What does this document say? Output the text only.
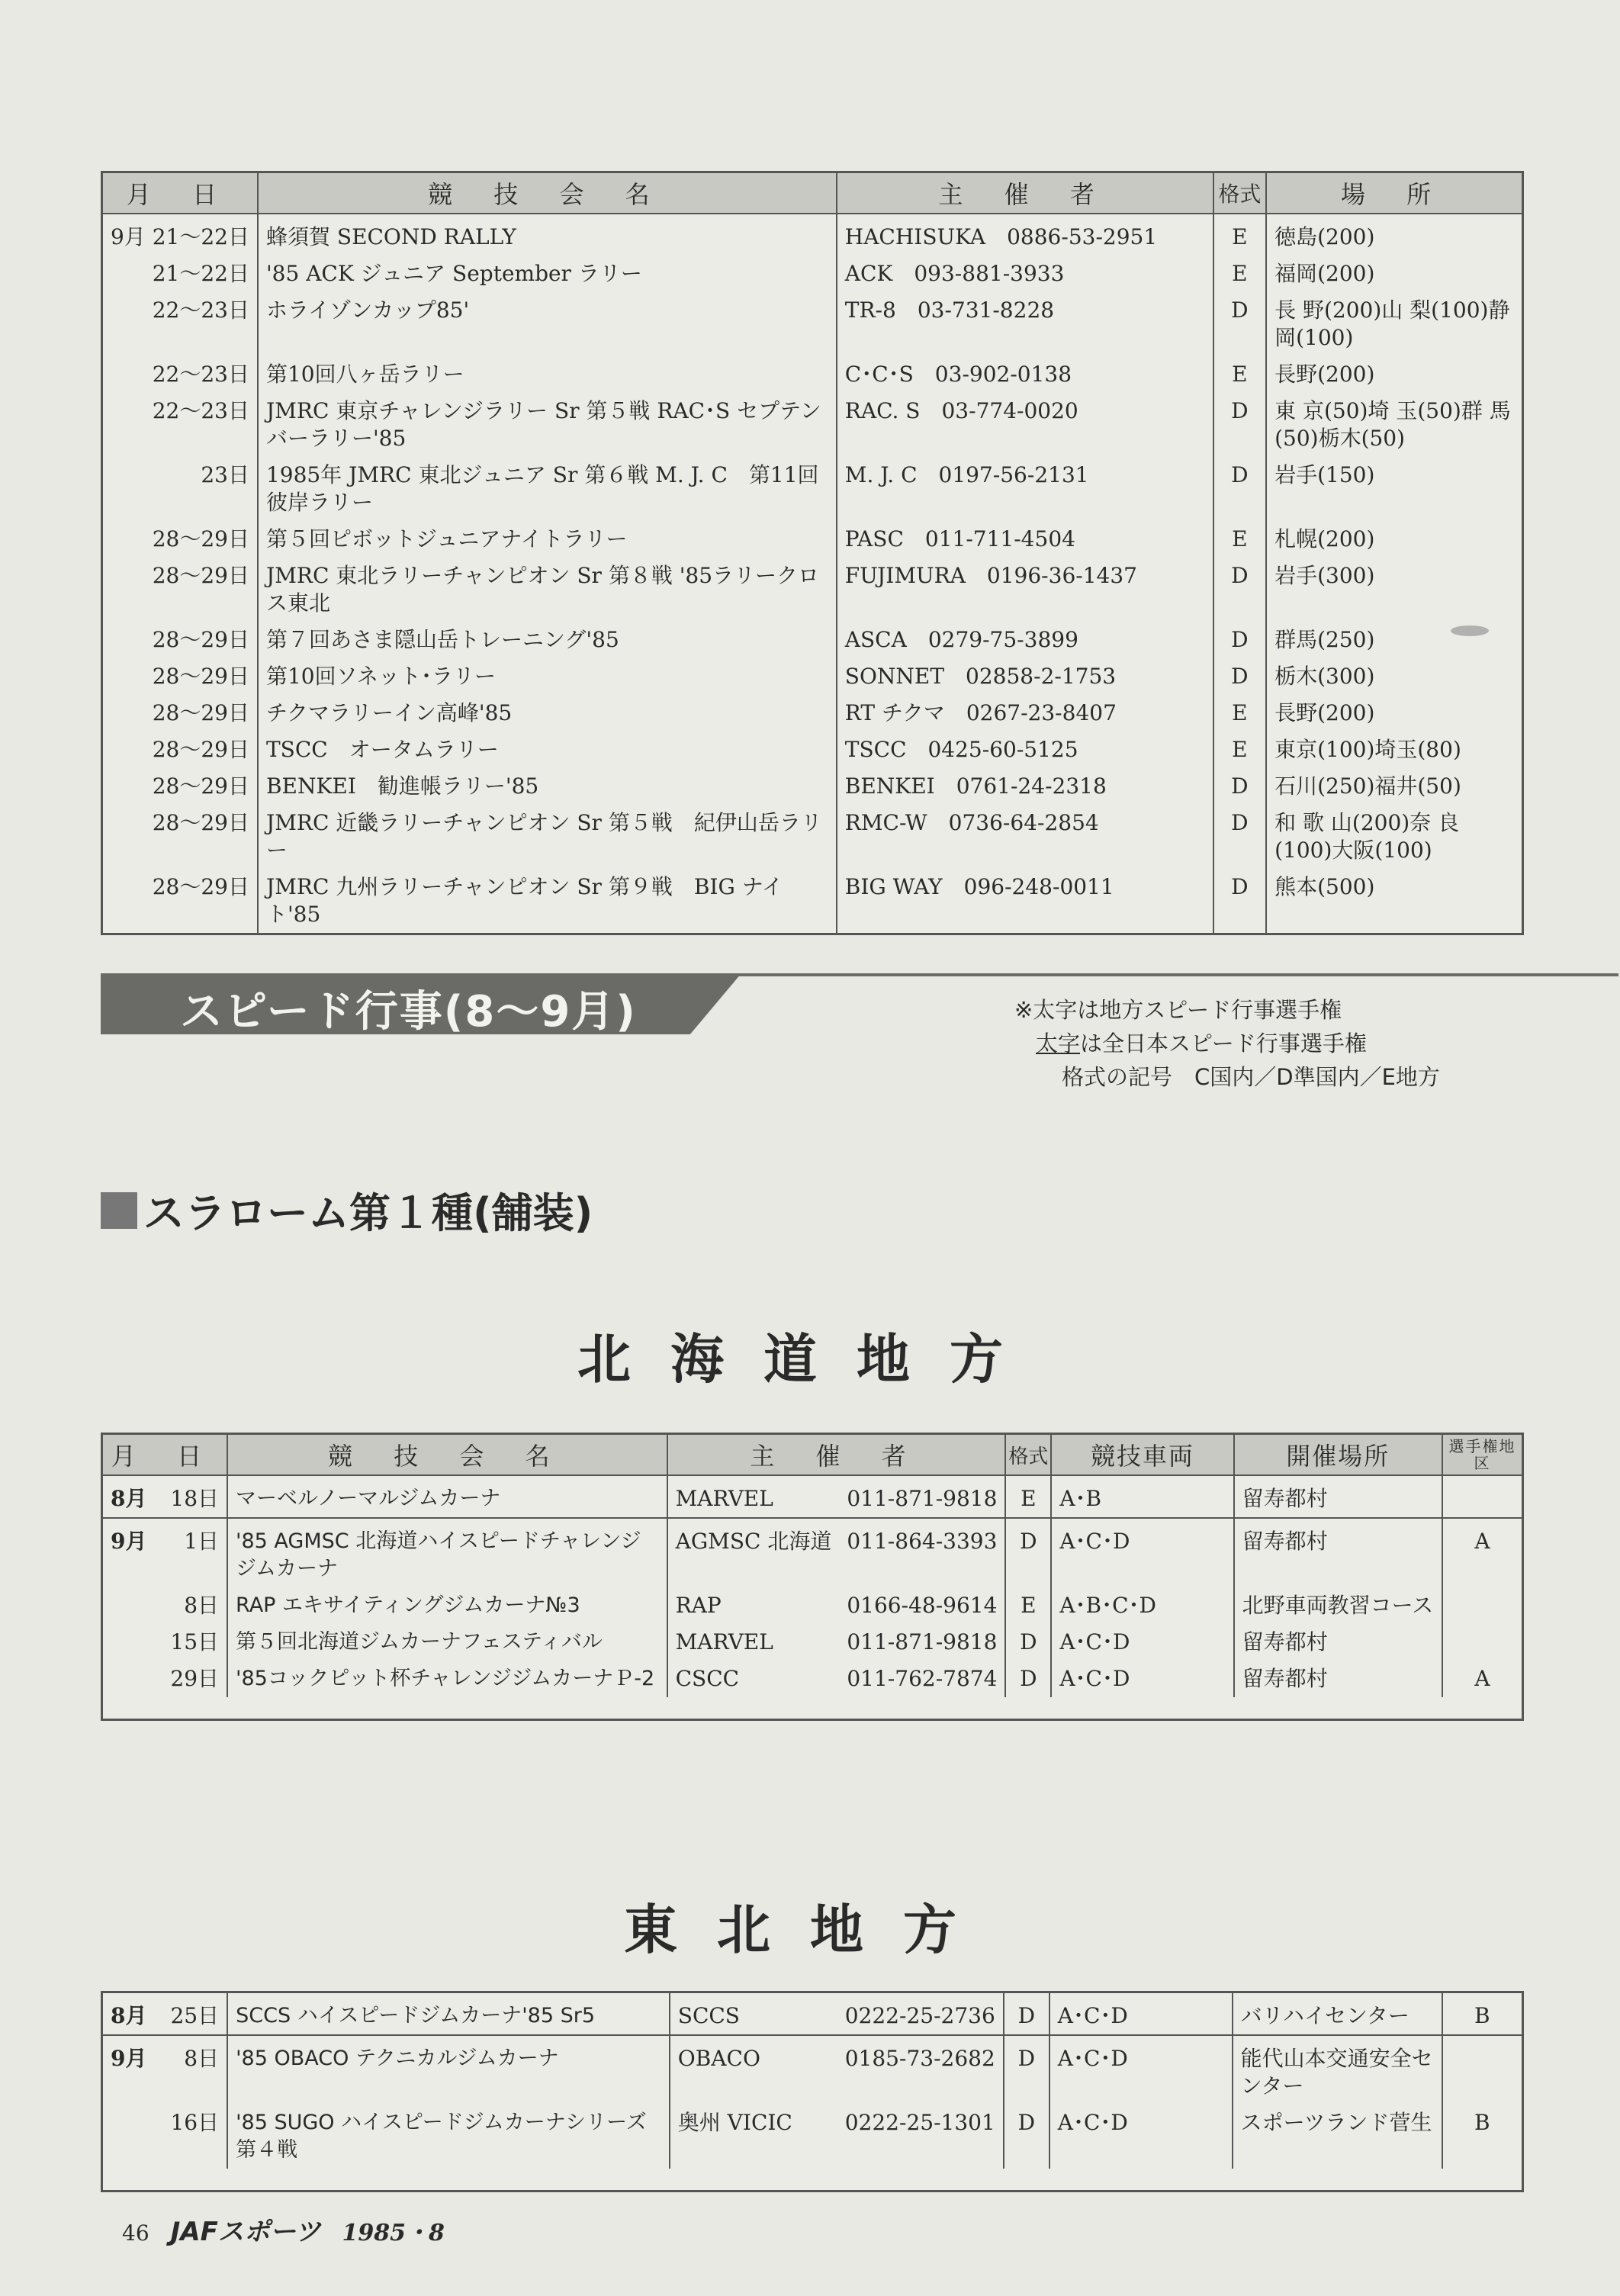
月 日	競 技 会 名	主 催 者	格式	場 所
9月 21～22日	蜂須賀 SECOND RALLY	HACHISUKA　0886-53-2951	E	徳島(200)
21～22日	'85 ACK ジュニア September ラリー	ACK　093-881-3933	E	福岡(200)
22～23日	ホライゾンカップ85'	TR-8　03-731-8228	D	長 野(200)山 梨(100)静岡(100)
22～23日	第10回八ヶ岳ラリー	C･C･S　03-902-0138	E	長野(200)
22～23日	JMRC 東京チャレンジラリー Sr 第５戦 RAC･S セプテンバーラリー'85	RAC. S　03-774-0020	D	東 京(50)埼 玉(50)群 馬(50)栃木(50)
23日	1985年 JMRC 東北ジュニア Sr 第６戦 M. J. C　第11回彼岸ラリー	M. J. C　0197-56-2131	D	岩手(150)
28～29日	第５回ピボットジュニアナイトラリー	PASC　011-711-4504	E	札幌(200)
28～29日	JMRC 東北ラリーチャンピオン Sr 第８戦 '85ラリークロス東北	FUJIMURA　0196-36-1437	D	岩手(300)
28～29日	第７回あさま隠山岳トレーニング'85	ASCA　0279-75-3899	D	群馬(250)
28～29日	第10回ソネット･ラリー	SONNET　02858-2-1753	D	栃木(300)
28～29日	チクマラリーイン高峰'85	RT チクマ　0267-23-8407	E	長野(200)
28～29日	TSCC　オータムラリー	TSCC　0425-60-5125	E	東京(100)埼玉(80)
28～29日	BENKEI　勧進帳ラリー'85	BENKEI　0761-24-2318	D	石川(250)福井(50)
28～29日	JMRC 近畿ラリーチャンピオン Sr 第５戦　紀伊山岳ラリー	RMC-W　0736-64-2854	D	和 歌 山(200)奈 良(100)大阪(100)
28～29日	JMRC 九州ラリーチャンピオン Sr 第９戦　BIG ナイト'85	BIG WAY　096-248-0011	D	熊本(500)
スピード行事(8～9月)	※太字は地方スピード行事選手権
太字は全日本スピード行事選手権
格式の記号　C国内／D準国内／E地方
スラローム第１種(舗装)
北海道地方
月 日		競 技 会 名	主 催 者		格式	競技車両	開催場所	選手権地 区
8月	18日	マーベルノーマルジムカーナ	MARVEL	011-871-9818	E	A･B	留寿都村	
9月	1日	'85 AGMSC 北海道ハイスピードチャレンジジムカーナ	AGMSC 北海道	011-864-3393	D	A･C･D	留寿都村	A
	8日	RAP エキサイティングジムカーナ№3	RAP	0166-48-9614	E	A･B･C･D	北野車両教習コース	
	15日	第５回北海道ジムカーナフェスティバル	MARVEL	011-871-9818	D	A･C･D	留寿都村	
	29日	'85コックピット杯チャレンジジムカーナＰ-2	CSCC	011-762-7874	D	A･C･D	留寿都村	A

東北地方
8月	25日	SCCS ハイスピードジムカーナ'85 Sr5	SCCS	0222-25-2736	D	A･C･D	バリハイセンター	B
9月	8日	'85 OBACO テクニカルジムカーナ	OBACO	0185-73-2682	D	A･C･D	能代山本交通安全センター	
	16日	'85 SUGO ハイスピードジムカーナシリーズ第４戦	奥州 VICIC	0222-25-1301	D	A･C･D	スポーツランド菅生	B

46 JAFスポーツ 1985・8
